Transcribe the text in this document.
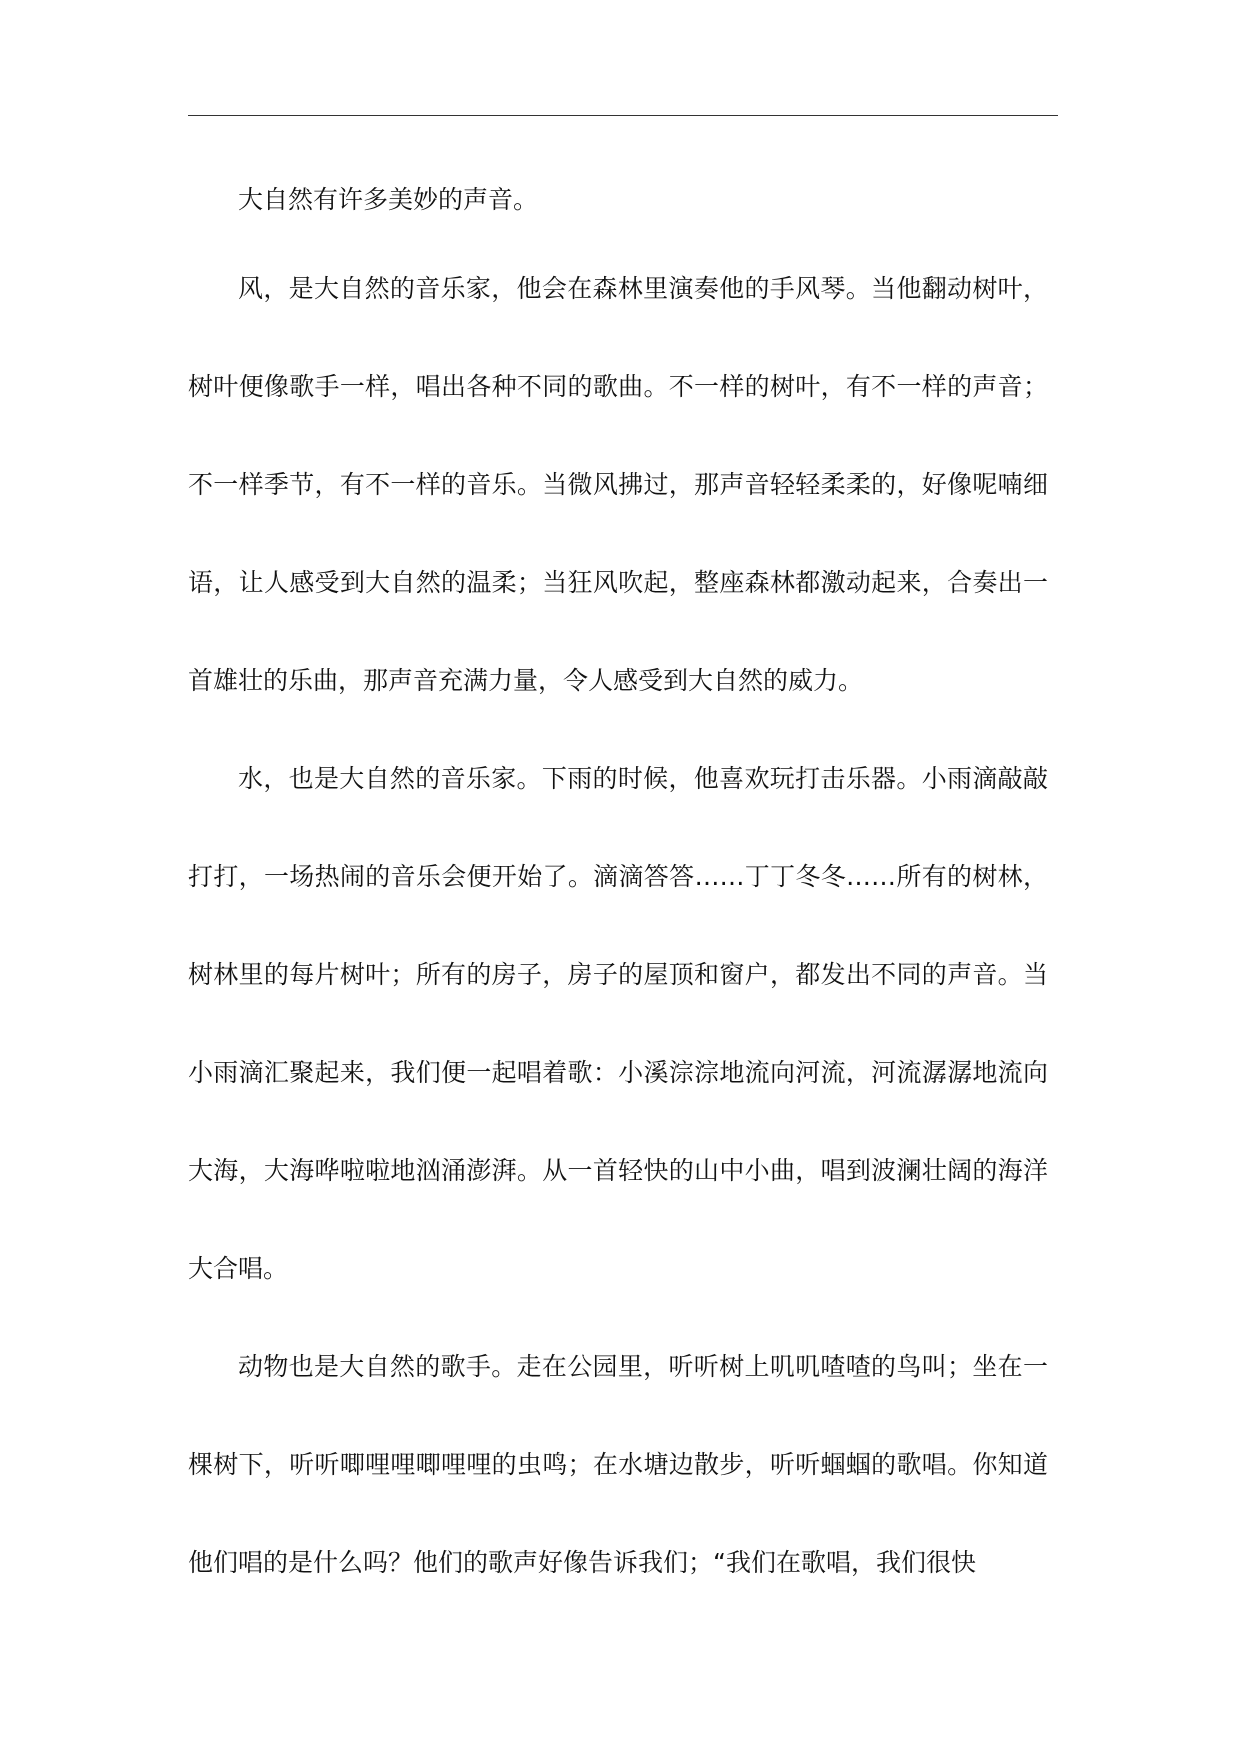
大自然有许多美妙的声音。

风，是大自然的音乐家，他会在森林里演奏他的手风琴。当他翻动树叶，树叶便像歌手一样，唱出各种不同的歌曲。不一样的树叶，有不一样的声音；不一样季节，有不一样的音乐。当微风拂过，那声音轻轻柔柔的，好像呢喃细语，让人感受到大自然的温柔；当狂风吹起，整座森林都激动起来，合奏出一首雄壮的乐曲，那声音充满力量，令人感受到大自然的威力。

水，也是大自然的音乐家。下雨的时候，他喜欢玩打击乐器。小雨滴敲敲打打，一场热闹的音乐会便开始了。滴滴答答……丁丁冬冬……所有的树林，树林里的每片树叶；所有的房子，房子的屋顶和窗户，都发出不同的声音。当小雨滴汇聚起来，我们便一起唱着歌：小溪淙淙地流向河流，河流潺潺地流向大海，大海哗啦啦地汹涌澎湃。从一首轻快的山中小曲，唱到波澜壮阔的海洋大合唱。

动物也是大自然的歌手。走在公园里，听听树上叽叽喳喳的鸟叫；坐在一棵树下，听听唧哩哩唧哩哩的虫鸣；在水塘边散步，听听蝈蝈的歌唱。你知道他们唱的是什么吗？他们的歌声好像告诉我们；“我们在歌唱，我们很快
